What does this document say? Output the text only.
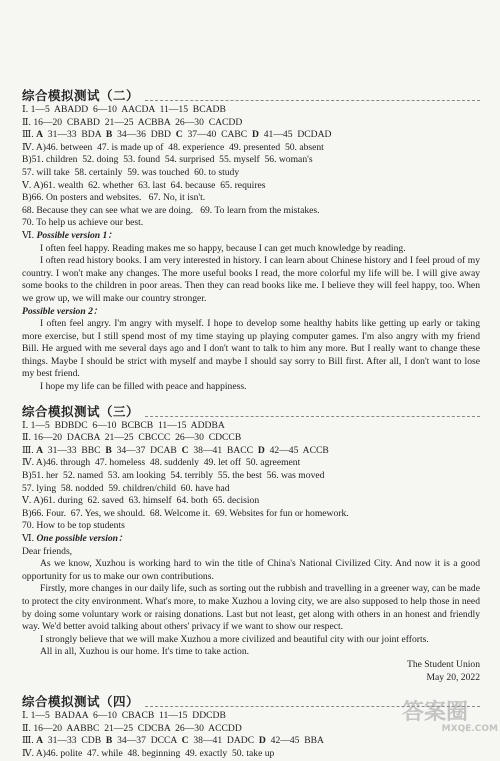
综合模拟测试（二）
Ⅰ. 1—5  ABADD  6—10  AACDA  11—15  BCADB
Ⅱ. 16—20  CBABD  21—25  ACBBA  26—30  CACDD
Ⅲ. A  31—33  BDA  B  34—36  DBD  C  37—40  CABC  D  41—45  DCDAD
Ⅳ. A)46. between  47. is made up of  48. experience  49. presented  50. absent
B)51. children  52. doing  53. found  54. surprised  55. myself  56. woman's
57. will take  58. certainly  59. was touched  60. to study
Ⅴ. A)61. wealth  62. whether  63. last  64. because  65. requires
B)66. On posters and websites.   67. No, it isn't.
68. Because they can see what we are doing.   69. To learn from the mistakes.
70. To help us achieve our best.
Ⅵ. Possible version 1：
I often feel happy. Reading makes me so happy, because I can get much knowledge by reading.
I often read history books. I am very interested in history. I can learn about Chinese history and I feel proud of my country. I won't make any changes. The more useful books I read, the more colorful my life will be. I will give away some books to the children in poor areas. Then they can read books like me. I believe they will feel happy, too. When we grow up, we will make our country stronger.
Possible version 2：
I often feel angry. I'm angry with myself. I hope to develop some healthy habits like getting up early or taking more exercise, but I still spend most of my time staying up playing computer games. I'm also angry with my friend Bill. He argued with me several days ago and I don't want to talk to him any more. But I really want to change these things. Maybe I should be strict with myself and maybe I should say sorry to Bill first. After all, I don't want to lose my best friend.
I hope my life can be filled with peace and happiness.
综合模拟测试（三）
Ⅰ. 1—5  BDBDC  6—10  BCBCB  11—15  ADDBA
Ⅱ. 16—20  DACBA  21—25  CBCCC  26—30  CDCCB
Ⅲ. A  31—33  BBC  B  34—37  DCAB  C  38—41  BACC  D  42—45  ACCB
Ⅳ. A)46. through  47. homeless  48. suddenly  49. let off  50. agreement
B)51. her  52. named  53. am looking  54. terribly  55. the best  56. was moved
57. lying  58. nodded  59. children/child  60. have had
Ⅴ. A)61. during  62. saved  63. himself  64. both  65. decision
B)66. Four.  67. Yes, we should.  68. Welcome it.  69. Websites for fun or homework.
70. How to be top students
Ⅵ. One possible version：
Dear friends,
As we know, Xuzhou is working hard to win the title of China's National Civilized City. And now it is a good opportunity for us to make our own contributions.
Firstly, more changes in our daily life, such as sorting out the rubbish and travelling in a greener way, can be made to protect the city environment. What's more, to make Xuzhou a loving city, we are also supposed to help those in need by doing some voluntary work or raising donations. Last but not least, get along with others in an honest and friendly way. We'd better avoid talking about others' privacy if we want to show our respect.
I strongly believe that we will make Xuzhou a more civilized and beautiful city with our joint efforts.
All in all, Xuzhou is our home. It's time to take action.
The Student Union
May 20, 2022
综合模拟测试（四）
Ⅰ. 1—5  BADAA  6—10  CBACB  11—15  DDCDB
Ⅱ. 16—20  AABBC  21—25  CDCBA  26—30  ACCDD
Ⅲ. A  31—33  CDB  B  34—37  DCCA  C  38—41  DADC  D  42—45  BBA
Ⅳ. A)46. polite  47. while  48. beginning  49. exactly  50. take up
答案圈
MXQE.COM
